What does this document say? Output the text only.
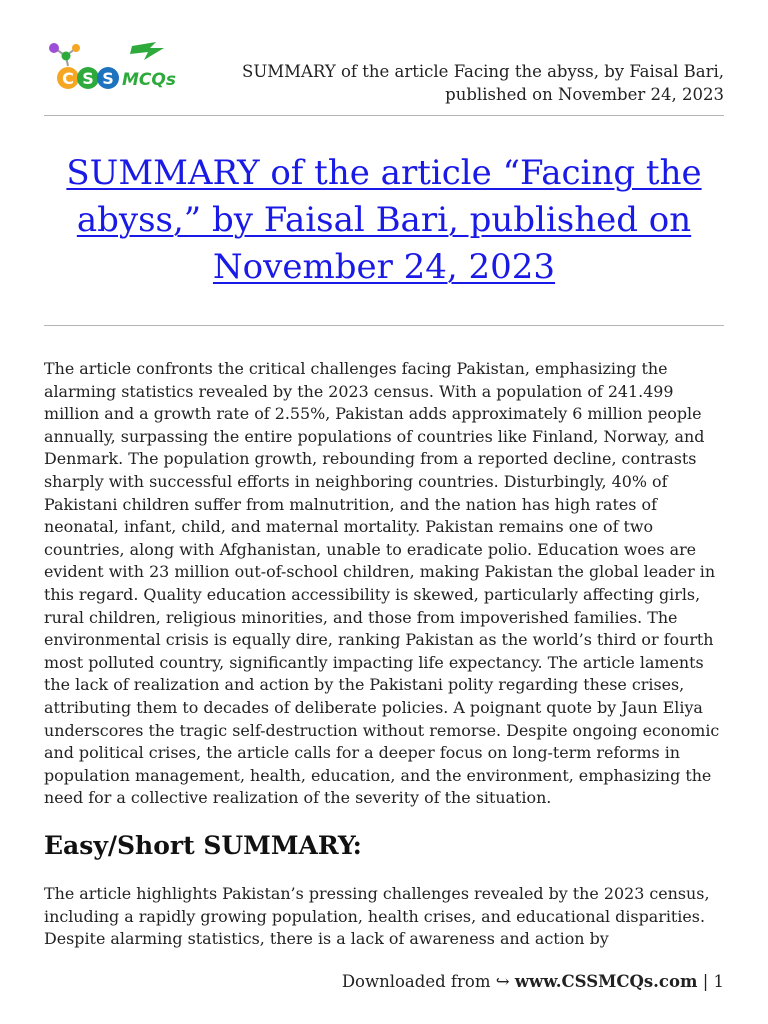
C S S MCQs	SUMMARY of the article Facing the abyss, by Faisal Bari, published on November 24, 2023
SUMMARY of the article “Facing the abyss,” by Faisal Bari, published on November 24, 2023

The article confronts the critical challenges facing Pakistan, emphasizing the alarming statistics revealed by the 2023 census. With a population of 241.499 million and a growth rate of 2.55%, Pakistan adds approximately 6 million people annually, surpassing the entire populations of countries like Finland, Norway, and Denmark. The population growth, rebounding from a reported decline, contrasts sharply with successful efforts in neighboring countries. Disturbingly, 40% of Pakistani children suffer from malnutrition, and the nation has high rates of neonatal, infant, child, and maternal mortality. Pakistan remains one of two countries, along with Afghanistan, unable to eradicate polio. Education woes are evident with 23 million out-of-school children, making Pakistan the global leader in this regard. Quality education accessibility is skewed, particularly affecting girls, rural children, religious minorities, and those from impoverished families. The environmental crisis is equally dire, ranking Pakistan as the world’s third or fourth most polluted country, significantly impacting life expectancy. The article laments the lack of realization and action by the Pakistani polity regarding these crises, attributing them to decades of deliberate policies. A poignant quote by Jaun Eliya underscores the tragic self-destruction without remorse. Despite ongoing economic and political crises, the article calls for a deeper focus on long-term reforms in population management, health, education, and the environment, emphasizing the need for a collective realization of the severity of the situation.

Easy/Short SUMMARY:

The article highlights Pakistan’s pressing challenges revealed by the 2023 census, including a rapidly growing population, health crises, and educational disparities. Despite alarming statistics, there is a lack of awareness and action by

Downloaded from ↪ www.CSSMCQs.com | 1
